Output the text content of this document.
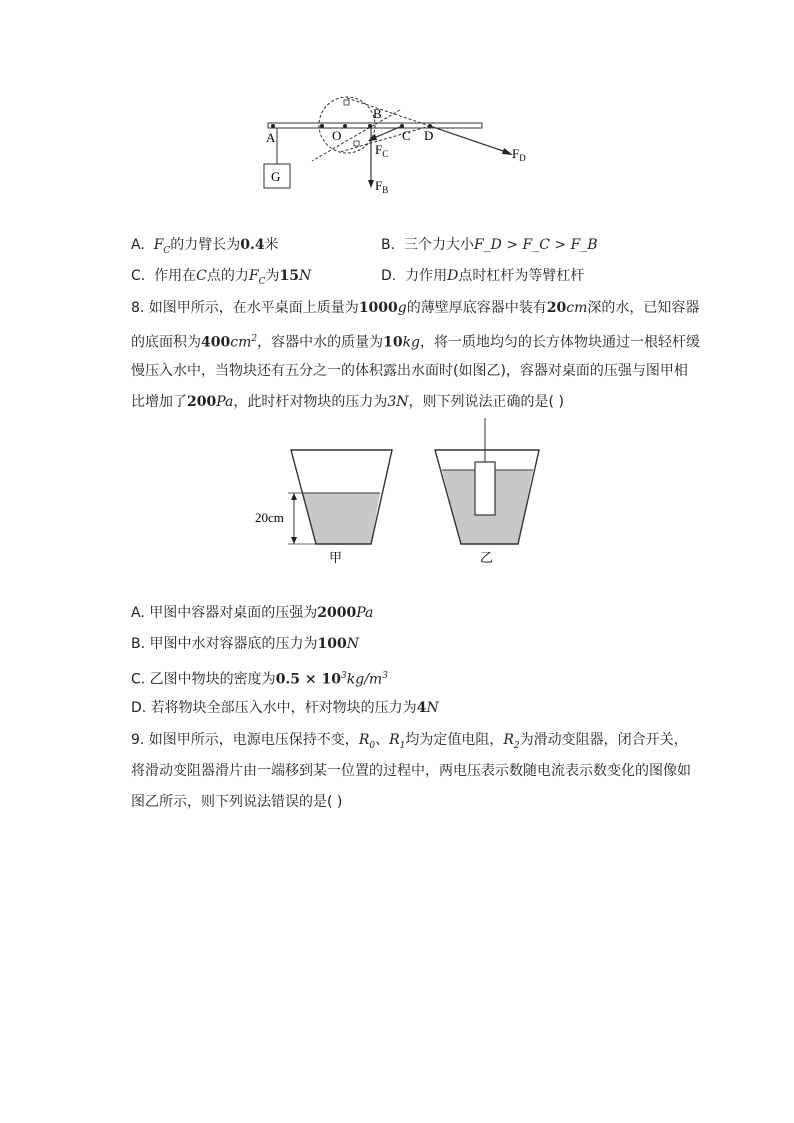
A	O
B
C D
G
$F_C$
$F_B$
$F_D$
A. $F_C$的力臂长为0.4米	B. 三个力大小F_D > F_C > F_B
C. 作用在C点的力$F_C$为15N	D. 力作用D点时杠杆为等臂杠杆
8. 如图甲所示，在水平桌面上质量为1000g的薄壁厚底容器中装有20cm深的水，已知容器
的底面积为$400cm^2$，容器中水的质量为10kg，将一质地均匀的长方体物块通过一根轻杆缓
慢压入水中，当物块还有五分之一的体积露出水面时(如图乙)，容器对桌面的压强与图甲相
比增加了200Pa，此时杆对物块的压力为3N，则下列说法正确的是( )
20cm
甲	乙
A. 甲图中容器对桌面的压强为2000Pa
B. 甲图中水对容器底的压力为100N
C. 乙图中物块的密度为$0.5 \times 10^3kg/m^3$
D. 若将物块全部压入水中，杆对物块的压力为4N
9. 如图甲所示，电源电压保持不变，$R_0$、$R_1$均为定值电阻，$R_2$为滑动变阻器，闭合开关，
将滑动变阻器滑片由一端移到某一位置的过程中，两电压表示数随电流表示数变化的图像如
图乙所示，则下列说法错误的是( )
